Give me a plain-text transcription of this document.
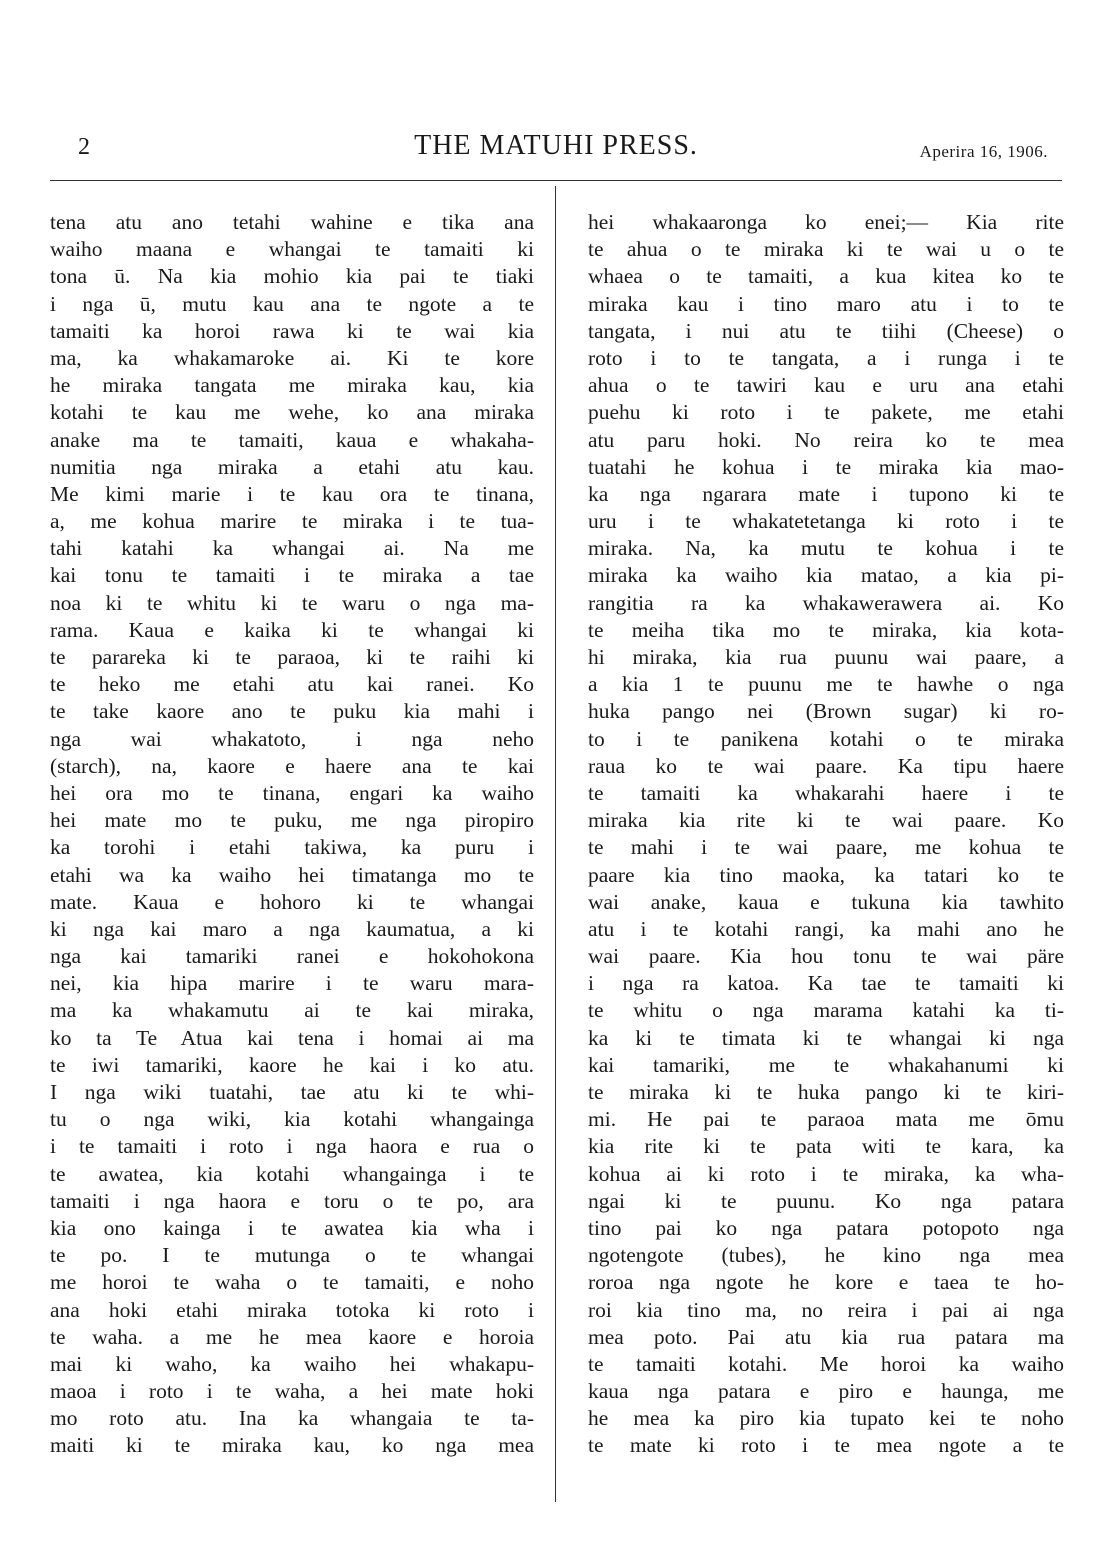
2	THE MATUHI PRESS.	Aperira 16, 1906.
tena atu ano tetahi wahine e tika ana
waiho maana e whangai te tamaiti ki
tona ū. Na kia mohio kia pai te tiaki
i nga ū, mutu kau ana te ngote a te
tamaiti ka horoi rawa ki te wai kia
ma, ka whakamaroke ai. Ki te kore
he miraka tangata me miraka kau, kia
kotahi te kau me wehe, ko ana miraka
anake ma te tamaiti, kaua e whakaha-
numitia nga miraka a etahi atu kau.
Me kimi marie i te kau ora te tinana,
a, me kohua marire te miraka i te tua-
tahi katahi ka whangai ai. Na me
kai tonu te tamaiti i te miraka a tae
noa ki te whitu ki te waru o nga ma-
rama. Kaua e kaika ki te whangai ki
te parareka ki te paraoa, ki te raihi ki
te heko me etahi atu kai ranei. Ko
te take kaore ano te puku kia mahi i
nga wai whakatoto, i nga neho
(starch), na, kaore e haere ana te kai
hei ora mo te tinana, engari ka waiho
hei mate mo te puku, me nga piropiro
ka torohi i etahi takiwa, ka puru i
etahi wa ka waiho hei timatanga mo te
mate. Kaua e hohoro ki te whangai
ki nga kai maro a nga kaumatua, a ki
nga kai tamariki ranei e hokohokona
nei, kia hipa marire i te waru mara-
ma ka whakamutu ai te kai miraka,
ko ta Te Atua kai tena i homai ai ma
te iwi tamariki, kaore he kai i ko atu.
I nga wiki tuatahi, tae atu ki te whi-
tu o nga wiki, kia kotahi whangainga
i te tamaiti i roto i nga haora e rua o
te awatea, kia kotahi whangainga i te
tamaiti i nga haora e toru o te po, ara
kia ono kainga i te awatea kia wha i
te po. I te mutunga o te whangai
me horoi te waha o te tamaiti, e noho
ana hoki etahi miraka totoka ki roto i
te waha. a me he mea kaore e horoia
mai ki waho, ka waiho hei whakapu-
maoa i roto i te waha, a hei mate hoki
mo roto atu. Ina ka whangaia te ta-
maiti ki te miraka kau, ko nga mea
hei whakaaronga ko enei;— Kia rite
te ahua o te miraka ki te wai u o te
whaea o te tamaiti, a kua kitea ko te
miraka kau i tino maro atu i to te
tangata, i nui atu te tiihi (Cheese) o
roto i to te tangata, a i runga i te
ahua o te tawiri kau e uru ana etahi
puehu ki roto i te pakete, me etahi
atu paru hoki. No reira ko te mea
tuatahi he kohua i te miraka kia mao-
ka nga ngarara mate i tupono ki te
uru i te whakatetetanga ki roto i te
miraka. Na, ka mutu te kohua i te
miraka ka waiho kia matao, a kia pi-
rangitia ra ka whakawerawera ai. Ko
te meiha tika mo te miraka, kia kota-
hi miraka, kia rua puunu wai paare, a
a kia 1 te puunu me te hawhe o nga
huka pango nei (Brown sugar) ki ro-
to i te panikena kotahi o te miraka
raua ko te wai paare. Ka tipu haere
te tamaiti ka whakarahi haere i te
miraka kia rite ki te wai paare. Ko
te mahi i te wai paare, me kohua te
paare kia tino maoka, ka tatari ko te
wai anake, kaua e tukuna kia tawhito
atu i te kotahi rangi, ka mahi ano he
wai paare. Kia hou tonu te wai päre
i nga ra katoa. Ka tae te tamaiti ki
te whitu o nga marama katahi ka ti-
ka ki te timata ki te whangai ki nga
kai tamariki, me te whakahanumi ki
te miraka ki te huka pango ki te kiri-
mi. He pai te paraoa mata me ōmu
kia rite ki te pata witi te kara, ka
kohua ai ki roto i te miraka, ka wha-
ngai ki te puunu. Ko nga patara
tino pai ko nga patara potopoto nga
ngotengote (tubes), he kino nga mea
roroa nga ngote he kore e taea te ho-
roi kia tino ma, no reira i pai ai nga
mea poto. Pai atu kia rua patara ma
te tamaiti kotahi. Me horoi ka waiho
kaua nga patara e piro e haunga, me
he mea ka piro kia tupato kei te noho
te mate ki roto i te mea ngote a te
